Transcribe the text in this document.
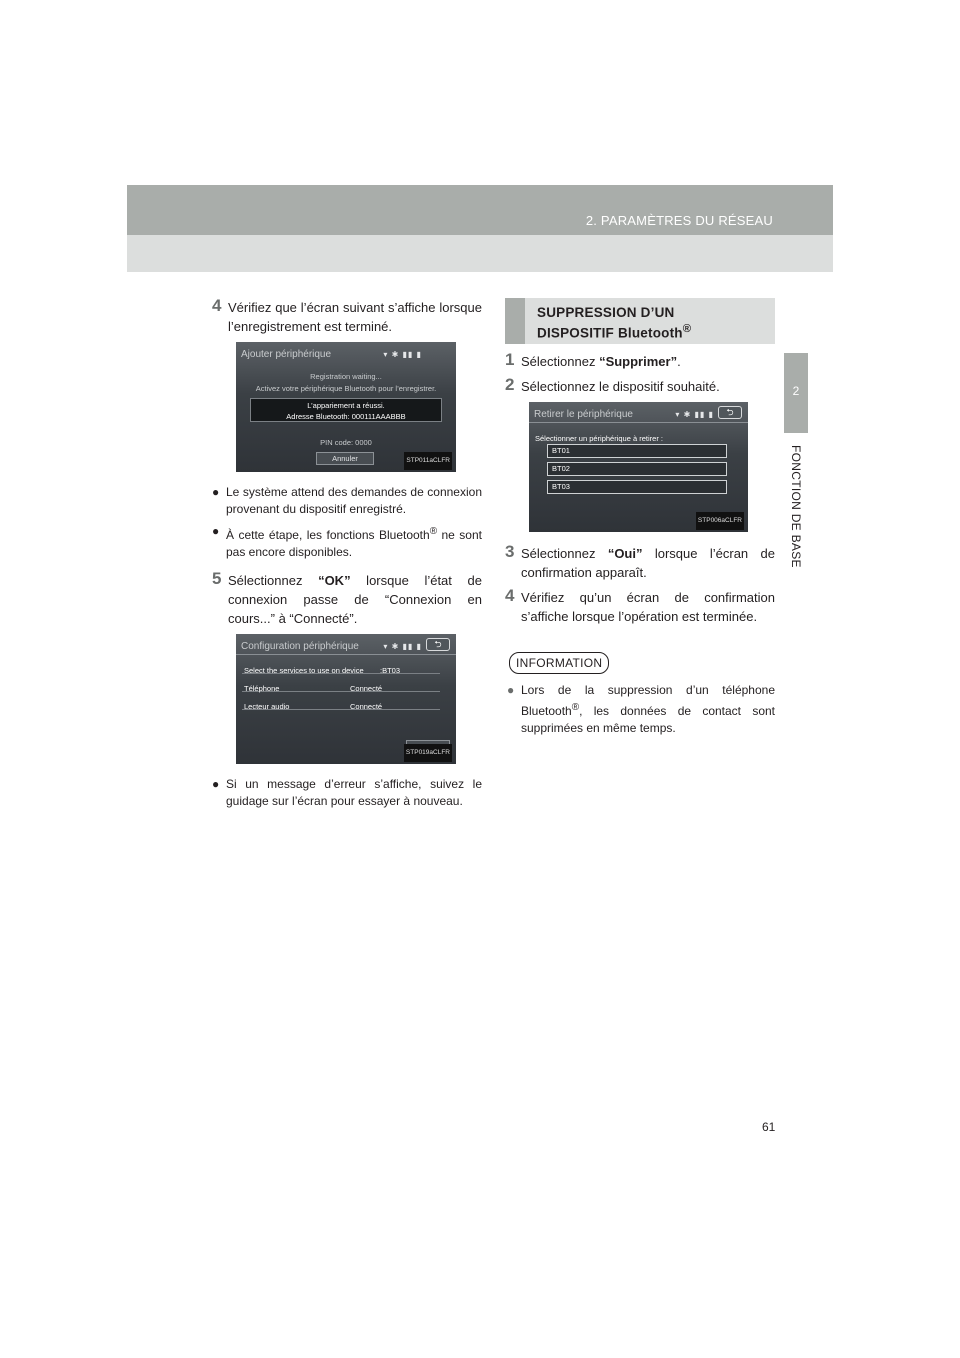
2. PARAMÈTRES DU RÉSEAU
2
FONCTION DE BASE
4 Vérifiez que l’écran suivant s’affiche lorsque l’enregistrement est terminé.
Ajouter périphérique	▾ ✱ ▮▮ ▮
Registration waiting...
Activez votre périphérique Bluetooth pour l’enregistrer.
L’appariement a réussi.
Adresse Bluetooth: 000111AAABBB
PIN code: 0000
Annuler	STP011aCLFR
● Le système attend des demandes de connexion provenant du dispositif enregistré.
● À cette étape, les fonctions Bluetooth® ne sont pas encore disponibles.
5 Sélectionnez “OK” lorsque l’état de connexion passe de “Connexion en cours...” à “Connecté”.
Configuration périphérique	▾ ✱ ▮▮ ▮	⮌
Select the services to use on device :BT03
Téléphone	Connecté
Lecteur audio	Connecté
STP019aCLFR
● Si un message d’erreur s’affiche, suivez le guidage sur l’écran pour essayer à nouveau.
SUPPRESSION D’UN
DISPOSITIF Bluetooth®
1 Sélectionnez “Supprimer”.
2 Sélectionnez le dispositif souhaité.
Retirer le périphérique	▾ ✱ ▮▮ ▮	⮌
Sélectionner un périphérique à retirer :
BT01
BT02
BT03
STP006aCLFR
3 Sélectionnez “Oui” lorsque l’écran de confirmation apparaît.
4 Vérifiez qu’un écran de confirmation s’affiche lorsque l’opération est terminée.
INFORMATION
● Lors de la suppression d’un téléphone Bluetooth®, les données de contact sont supprimées en même temps.
61
